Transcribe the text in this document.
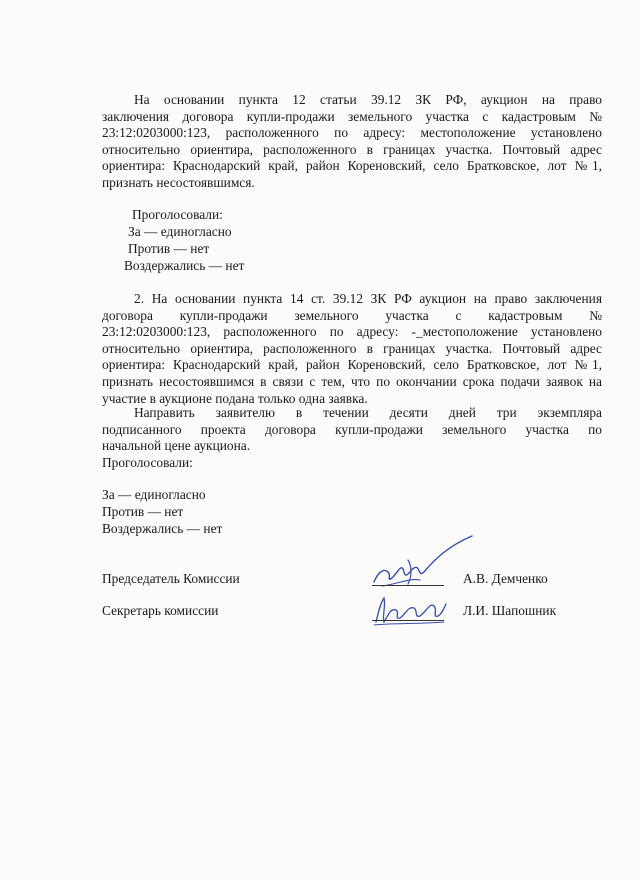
На основании пункта 12 статьи 39.12 ЗК РФ, аукцион на право
заключения договора купли-продажи земельного участка с кадастровым №
23:12:0203000:123, расположенного по адресу: местоположение установлено
относительно ориентира, расположенного в границах участка. Почтовый адрес
ориентира: Краснодарский край, район Кореновский, село Братковское, лот №1,
признать несостоявшимся.

Проголосовали:

За — единогласно

Против — нет

Воздержались — нет

2. На основании пункта 14 ст. 39.12 ЗК РФ аукцион на право заключения
договора купли-продажи земельного участка с кадастровым №
23:12:0203000:123, расположенного по адресу: -_местоположение установлено
относительно ориентира, расположенного в границах участка. Почтовый адрес
ориентира: Краснодарский край, район Кореновский, село Братковское, лот №1,
признать несостоявшимся в связи с тем, что по окончании срока подачи заявок на
участие в аукционе подана только одна заявка.
Направить заявителю в течении десяти дней три экземпляра
подписанного проекта договора купли-продажи земельного участка по
начальной цене аукциона.

Проголосовали:

За — единогласно

Против — нет

Воздержались — нет

Председатель Комиссии	А.В. Демченко
Секретарь комиссии	Л.И. Шапошник
